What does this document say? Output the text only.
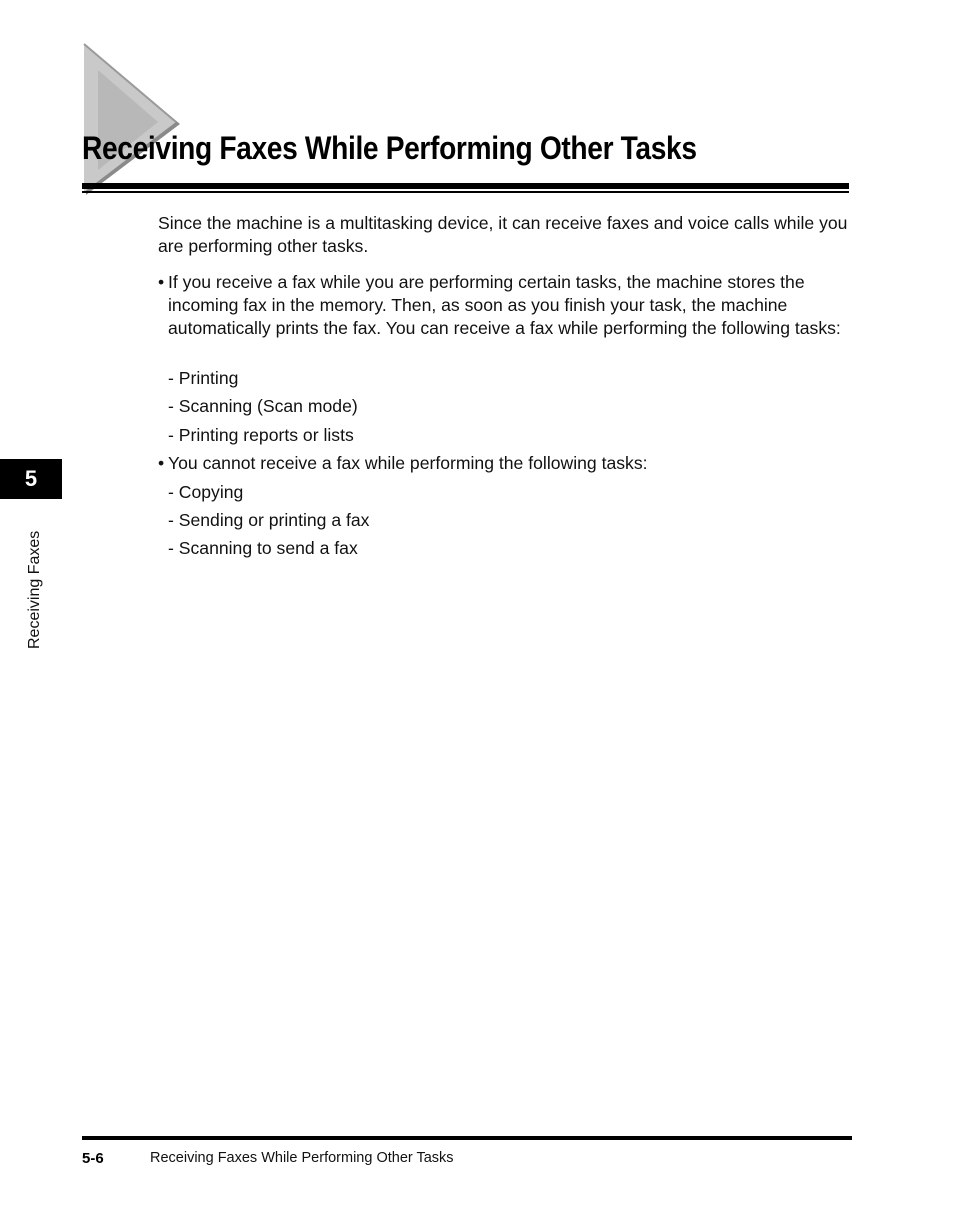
Receiving Faxes While Performing Other Tasks
Since the machine is a multitasking device, it can receive faxes and voice calls while you are performing other tasks.
• If you receive a fax while you are performing certain tasks, the machine stores the incoming fax in the memory. Then, as soon as you finish your task, the machine automatically prints the fax. You can receive a fax while performing the following tasks:
- Printing
- Scanning (Scan mode)
- Printing reports or lists
• You cannot receive a fax while performing the following tasks:
- Copying
- Sending or printing a fax
- Scanning to send a fax
5
Receiving Faxes
5-6	Receiving Faxes While Performing Other Tasks
